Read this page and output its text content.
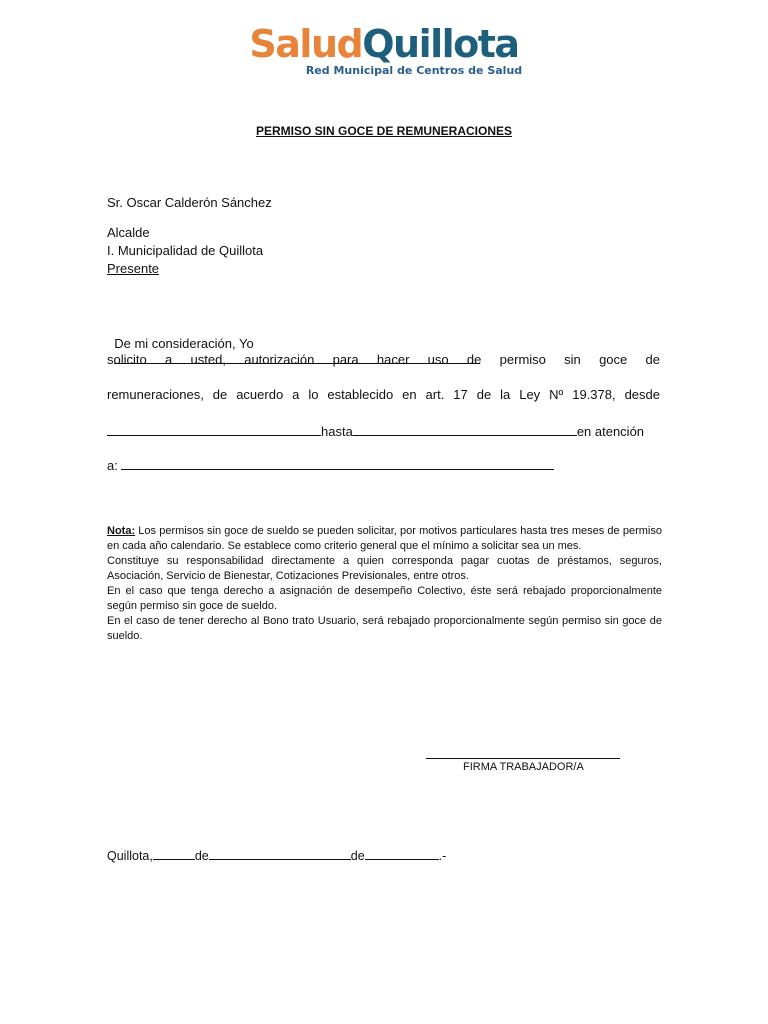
SaludQuillota
Red Municipal de Centros de Salud
PERMISO SIN GOCE DE REMUNERACIONES
Sr. Oscar Calderón Sánchez
Alcalde
I. Municipalidad de Quillota
Presente

De mi consideración, Yo

solicito a usted, autorización para hacer uso de permiso sin goce de
remuneraciones, de acuerdo a lo establecido en art. 17 de la Ley Nº 19.378, desde
hasta	en atención
a:

Nota: Los permisos sin goce de sueldo se pueden solicitar, por motivos particulares hasta tres meses de permiso en cada año calendario. Se establece como criterio general que el mínimo a solicitar sea un mes.

Constituye su responsabilidad directamente a quien corresponda pagar cuotas de préstamos, seguros, Asociación, Servicio de Bienestar, Cotizaciones Previsionales, entre otros.

En el caso que tenga derecho a asignación de desempeño Colectivo, éste será rebajado proporcionalmente según permiso sin goce de sueldo.

En el caso de tener derecho al Bono trato Usuario, será rebajado proporcionalmente según permiso sin goce de sueldo.

FIRMA TRABAJADOR/A
Quillota,	de	de	.-
